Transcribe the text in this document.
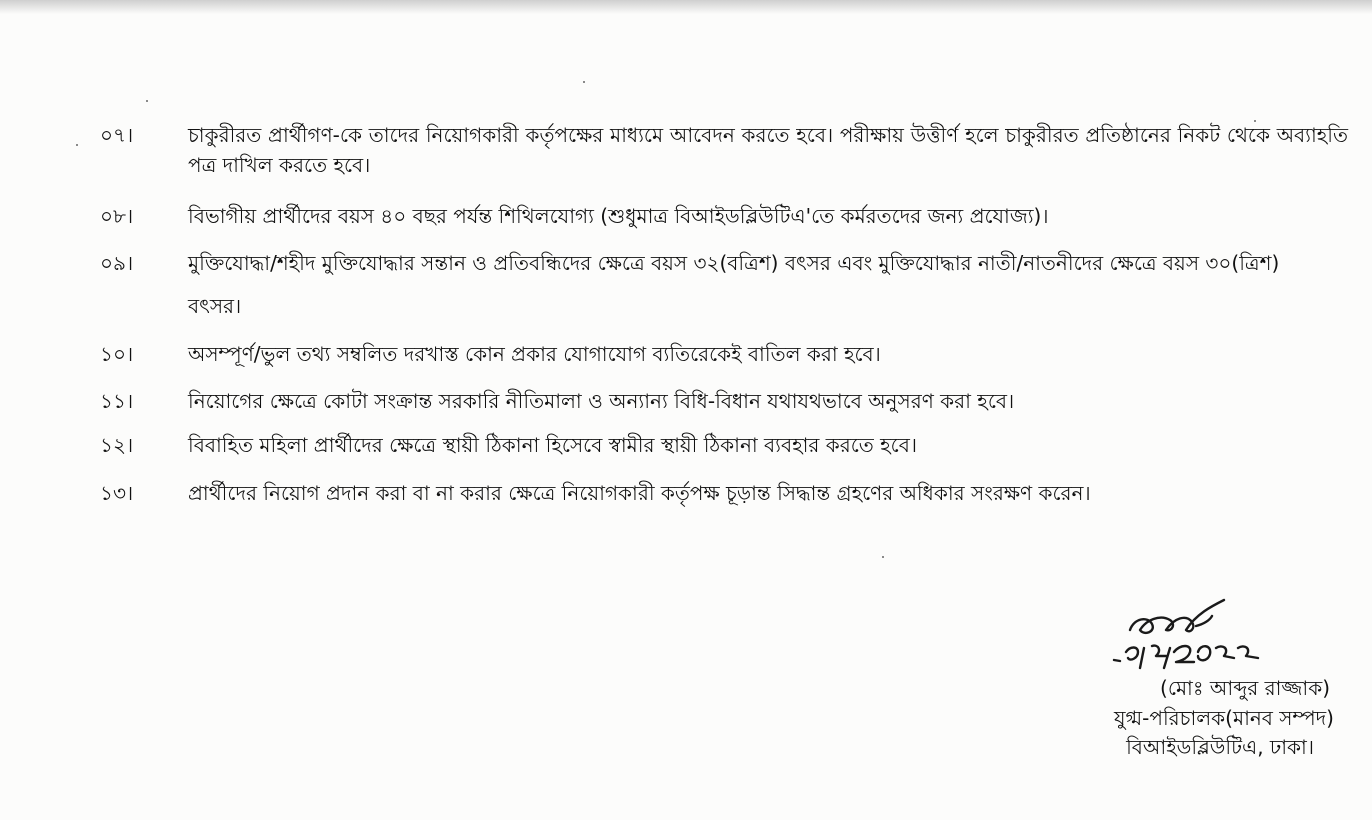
০৭।	চাকুরীরত প্রার্থীগণ-কে তাদের নিয়োগকারী কর্তৃপক্ষের মাধ্যমে আবেদন করতে হবে। পরীক্ষায় উত্তীর্ণ হলে চাকুরীরত প্রতিষ্ঠানের নিকট থেকে অব্যাহতি পত্র দাখিল করতে হবে।
০৮।	বিভাগীয় প্রার্থীদের বয়স ৪০ বছর পর্যন্ত শিথিলযোগ্য (শুধুমাত্র বিআইডব্লিউটিএ'তে কর্মরতদের জন্য প্রযোজ্য)।
০৯।	মুক্তিযোদ্ধা/শহীদ মুক্তিযোদ্ধার সন্তান ও প্রতিবন্ধিদের ক্ষেত্রে বয়স ৩২(বত্রিশ) বৎসর এবং মুক্তিযোদ্ধার নাতী/নাতনীদের ক্ষেত্রে বয়স ৩০(ত্রিশ) বৎসর।
১০।	অসম্পূর্ণ/ভুল তথ্য সম্বলিত দরখাস্ত কোন প্রকার যোগাযোগ ব্যতিরেকেই বাতিল করা হবে।
১১।	নিয়োগের ক্ষেত্রে কোটা সংক্রান্ত সরকারি নীতিমালা ও অন্যান্য বিধি-বিধান যথাযথভাবে অনুসরণ করা হবে।
১২।	বিবাহিত মহিলা প্রার্থীদের ক্ষেত্রে স্থায়ী ঠিকানা হিসেবে স্বামীর স্থায়ী ঠিকানা ব্যবহার করতে হবে।
১৩।	প্রার্থীদের নিয়োগ প্রদান করা বা না করার ক্ষেত্রে নিয়োগকারী কর্তৃপক্ষ চূড়ান্ত সিদ্ধান্ত গ্রহণের অধিকার সংরক্ষণ করেন।
(মোঃ আব্দুর রাজ্জাক)
যুগ্ম-পরিচালক(মানব সম্পদ)
বিআইডব্লিউটিএ, ঢাকা।
